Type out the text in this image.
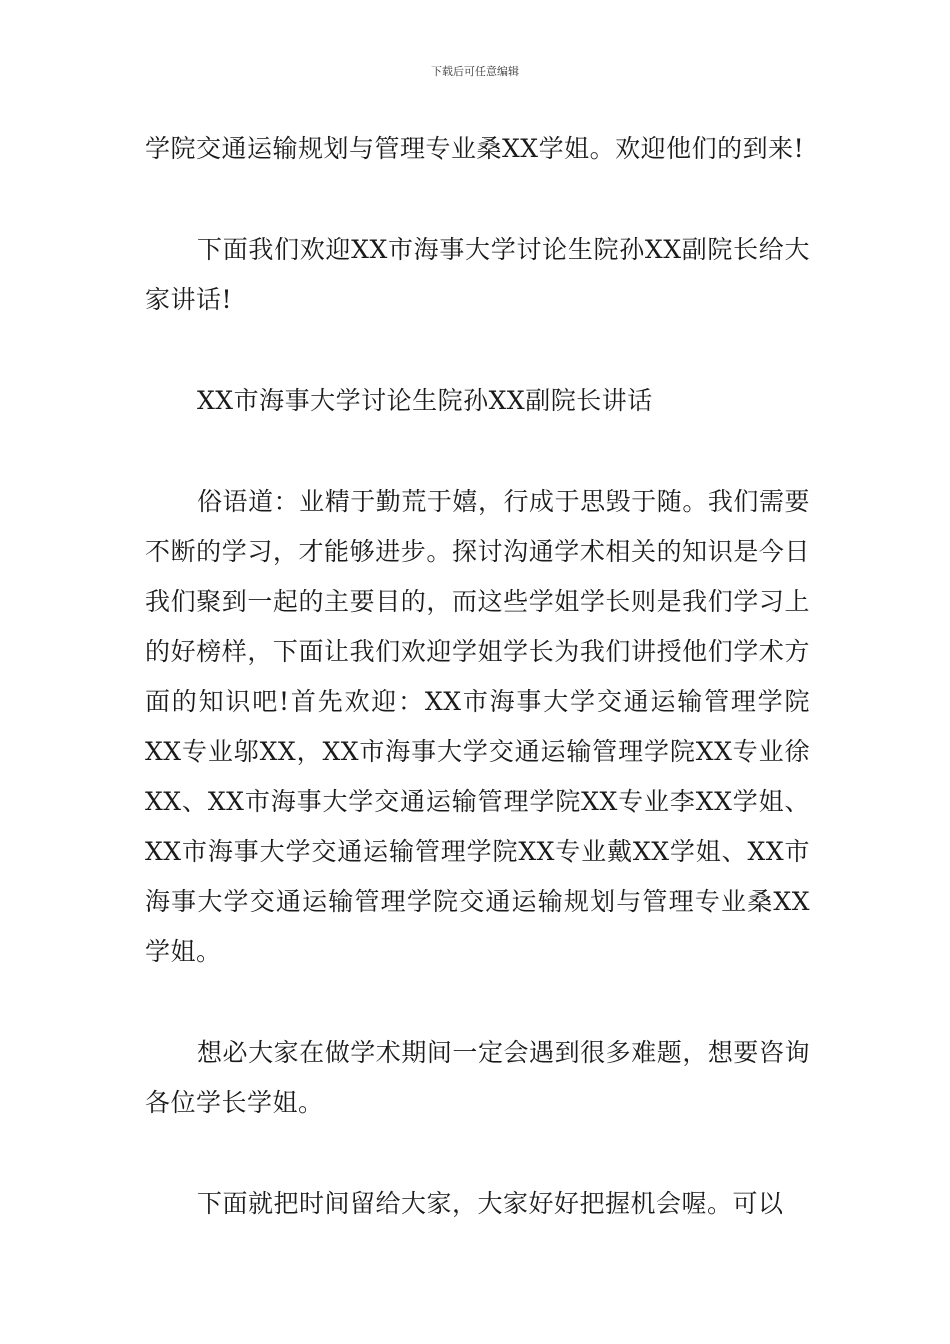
下载后可任意编辑

学院交通运输规划与管理专业桑XX学姐。欢迎他们的到来!

下面我们欢迎XX市海事大学讨论生院孙XX副院长给大家讲话!

XX市海事大学讨论生院孙XX副院长讲话

俗语道：业精于勤荒于嬉，行成于思毁于随。我们需要不断的学习，才能够进步。探讨沟通学术相关的知识是今日我们聚到一起的主要目的，而这些学姐学长则是我们学习上的好榜样，下面让我们欢迎学姐学长为我们讲授他们学术方面的知识吧!首先欢迎：XX市海事大学交通运输管理学院XX专业邬XX，XX市海事大学交通运输管理学院XX专业徐XX、XX市海事大学交通运输管理学院XX专业李XX学姐、XX市海事大学交通运输管理学院XX专业戴XX学姐、XX市海事大学交通运输管理学院交通运输规划与管理专业桑XX学姐。

想必大家在做学术期间一定会遇到很多难题，想要咨询各位学长学姐。

下面就把时间留给大家，大家好好把握机会喔。可以
